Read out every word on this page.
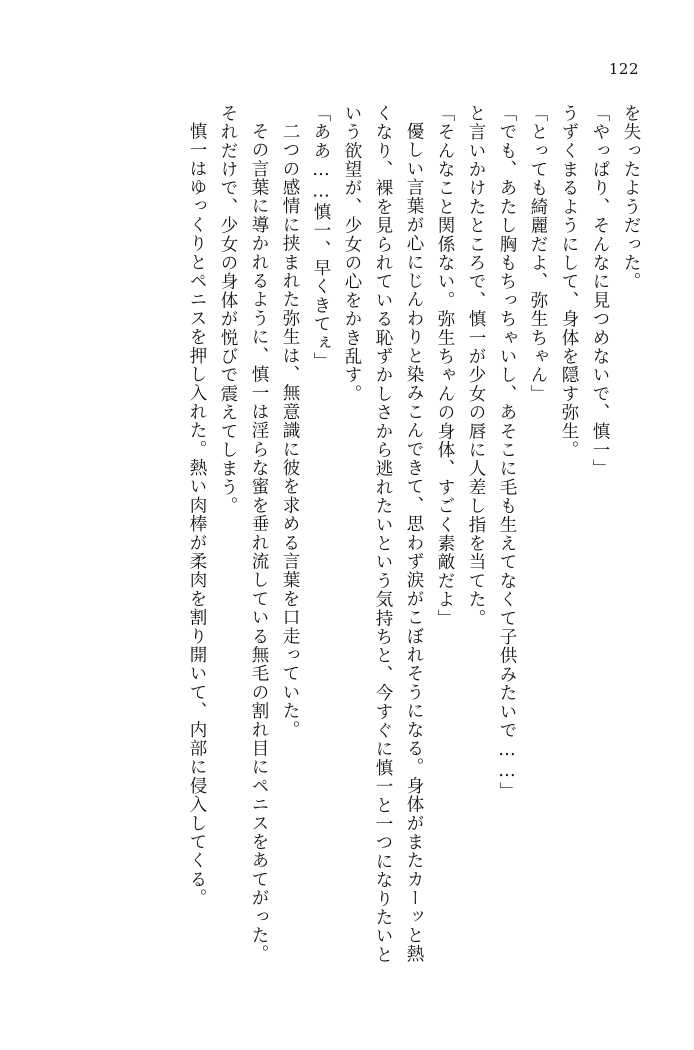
122

を失ったようだった。

「やっぱり、そんなに見つめないで、慎一」

うずくまるようにして、身体を隠す弥生。

「とっても綺麗だよ、弥生ちゃん」

「でも、あたし胸もちっちゃいし、あそこに毛も生えてなくて子供みたいで……」

と言いかけたところで、慎一が少女の唇に人差し指を当てた。

「そんなこと関係ない。弥生ちゃんの身体、すごく素敵だよ」

優しい言葉が心にじんわりと染みこんできて、思わず涙がこぼれそうになる。身体がまたカーッと熱くなり、裸を見られている恥ずかしさから逃れたいという気持ちと、今すぐに慎一と一つになりたいという欲望が、少女の心をかき乱す。

「ああ……慎一、早くきてぇ」

二つの感情に挟まれた弥生は、無意識に彼を求める言葉を口走っていた。

その言葉に導かれるように、慎一は淫らな蜜を垂れ流している無毛の割れ目にペニスをあてがった。それだけで、少女の身体が悦びで震えてしまう。

慎一はゆっくりとペニスを押し入れた。熱い肉棒が柔肉を割り開いて、内部に侵入してくる。
